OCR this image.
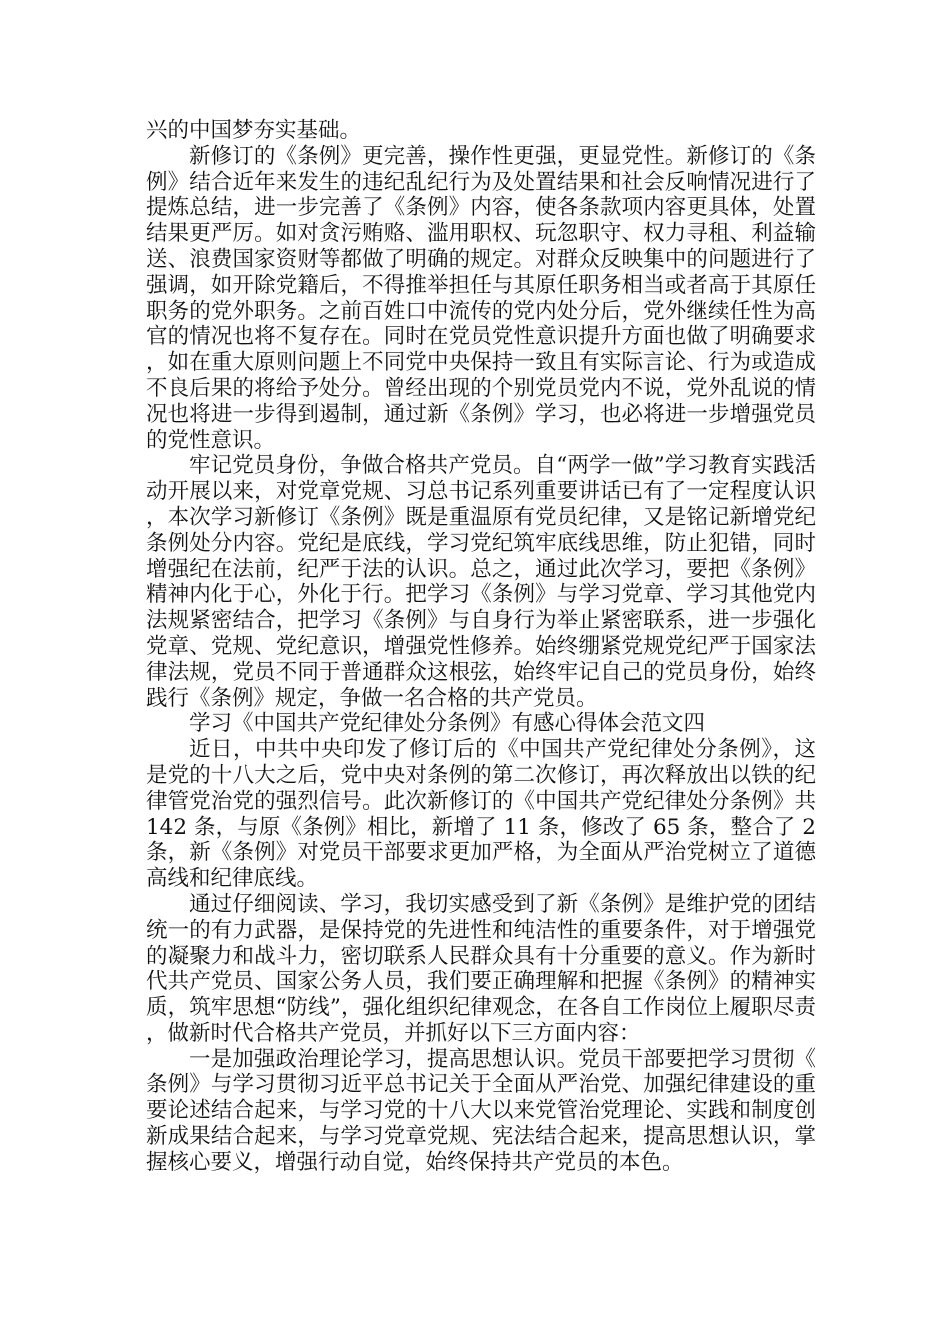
兴的中国梦夯实基础。

新修订的《条例》更完善，操作性更强，更显党性。新修订的《条例》结合近年来发生的违纪乱纪行为及处置结果和社会反响情况进行了提炼总结，进一步完善了《条例》内容，使各条款项内容更具体，处置结果更严厉。如对贪污贿赂、滥用职权、玩忽职守、权力寻租、利益输送、浪费国家资财等都做了明确的规定。对群众反映集中的问题进行了强调，如开除党籍后，不得推举担任与其原任职务相当或者高于其原任职务的党外职务。之前百姓口中流传的党内处分后，党外继续任性为高官的情况也将不复存在。同时在党员党性意识提升方面也做了明确要求，如在重大原则问题上不同党中央保持一致且有实际言论、行为或造成不良后果的将给予处分。曾经出现的个别党员党内不说，党外乱说的情况也将进一步得到遏制，通过新《条例》学习，也必将进一步增强党员的党性意识。

牢记党员身份，争做合格共产党员。自“两学一做”学习教育实践活动开展以来，对党章党规、习总书记系列重要讲话已有了一定程度认识，本次学习新修订《条例》既是重温原有党员纪律，又是铭记新增党纪条例处分内容。党纪是底线，学习党纪筑牢底线思维，防止犯错，同时增强纪在法前，纪严于法的认识。总之，通过此次学习，要把《条例》精神内化于心，外化于行。把学习《条例》与学习党章、学习其他党内法规紧密结合，把学习《条例》与自身行为举止紧密联系，进一步强化党章、党规、党纪意识，增强党性修养。始终绷紧党规党纪严于国家法律法规，党员不同于普通群众这根弦，始终牢记自己的党员身份，始终践行《条例》规定，争做一名合格的共产党员。

学习《中国共产党纪律处分条例》有感心得体会范文四

近日，中共中央印发了修订后的《中国共产党纪律处分条例》，这是党的十八大之后，党中央对条例的第二次修订，再次释放出以铁的纪律管党治党的强烈信号。此次新修订的《中国共产党纪律处分条例》共 142 条，与原《条例》相比，新增了 11 条，修改了 65 条，整合了 2 条，新《条例》对党员干部要求更加严格，为全面从严治党树立了道德高线和纪律底线。

通过仔细阅读、学习，我切实感受到了新《条例》是维护党的团结统一的有力武器，是保持党的先进性和纯洁性的重要条件，对于增强党的凝聚力和战斗力，密切联系人民群众具有十分重要的意义。作为新时代共产党员、国家公务人员，我们要正确理解和把握《条例》的精神实质，筑牢思想“防线”，强化组织纪律观念，在各自工作岗位上履职尽责，做新时代合格共产党员，并抓好以下三方面内容：

一是加强政治理论学习，提高思想认识。党员干部要把学习贯彻《条例》与学习贯彻习近平总书记关于全面从严治党、加强纪律建设的重要论述结合起来，与学习党的十八大以来党管治党理论、实践和制度创新成果结合起来，与学习党章党规、宪法结合起来，提高思想认识，掌握核心要义，增强行动自觉，始终保持共产党员的本色。
